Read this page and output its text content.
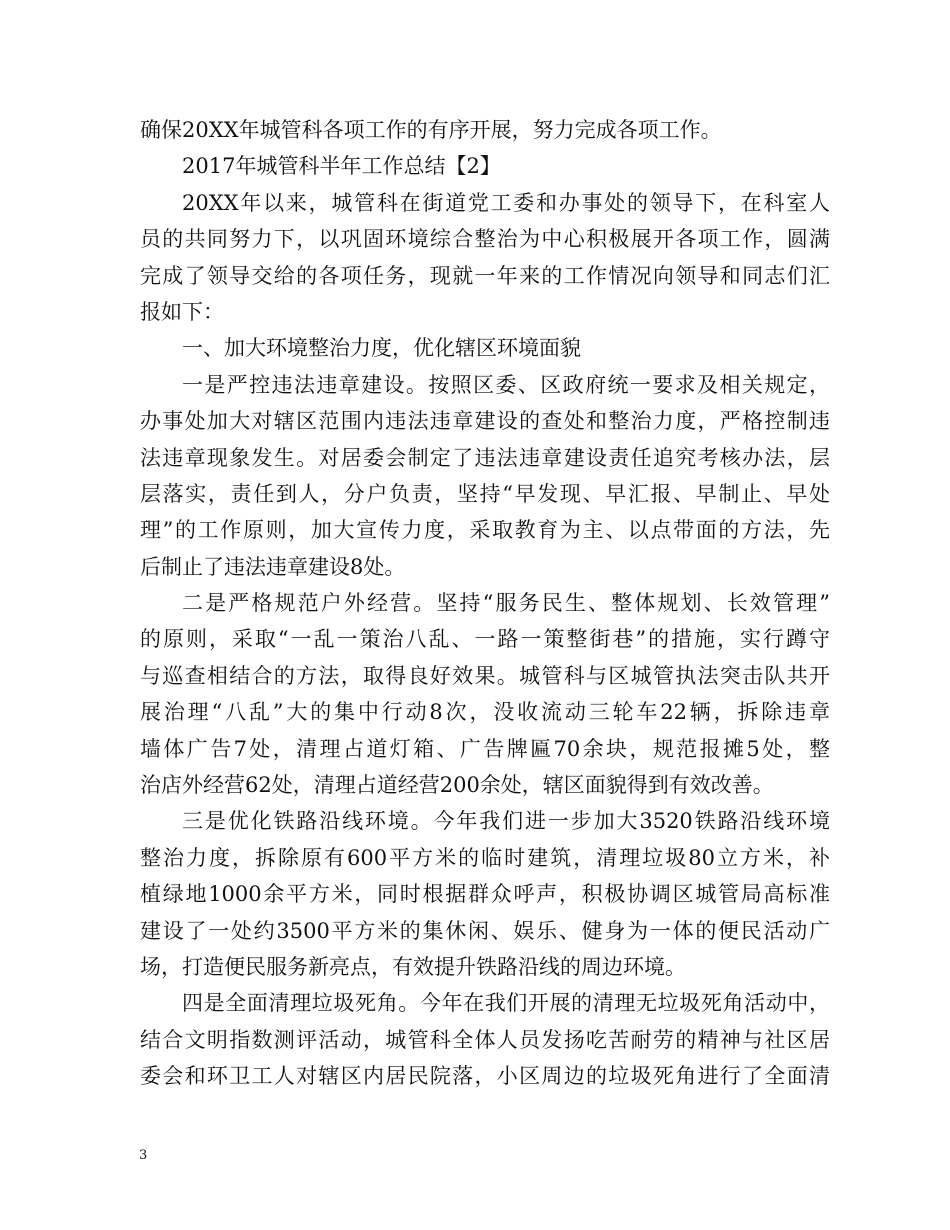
确保20XX年城管科各项工作的有序开展，努力完成各项工作。
2017年城管科半年工作总结【2】
20XX年以来，城管科在街道党工委和办事处的领导下，在科室人
员的共同努力下，以巩固环境综合整治为中心积极展开各项工作，圆满
完成了领导交给的各项任务，现就一年来的工作情况向领导和同志们汇
报如下：
一、加大环境整治力度，优化辖区环境面貌
一是严控违法违章建设。按照区委、区政府统一要求及相关规定，
办事处加大对辖区范围内违法违章建设的查处和整治力度，严格控制违
法违章现象发生。对居委会制定了违法违章建设责任追究考核办法，层
层落实，责任到人，分户负责，坚持“早发现、早汇报、早制止、早处
理”的工作原则，加大宣传力度，采取教育为主、以点带面的方法，先
后制止了违法违章建设8处。
二是严格规范户外经营。坚持“服务民生、整体规划、长效管理”
的原则，采取“一乱一策治八乱、一路一策整街巷”的措施，实行蹲守
与巡查相结合的方法，取得良好效果。城管科与区城管执法突击队共开
展治理“八乱”大的集中行动8次，没收流动三轮车22辆，拆除违章
墙体广告7处，清理占道灯箱、广告牌匾70余块，规范报摊5处，整
治店外经营62处，清理占道经营200余处，辖区面貌得到有效改善。
三是优化铁路沿线环境。今年我们进一步加大3520铁路沿线环境
整治力度，拆除原有600平方米的临时建筑，清理垃圾80立方米，补
植绿地1000余平方米，同时根据群众呼声，积极协调区城管局高标准
建设了一处约3500平方米的集休闲、娱乐、健身为一体的便民活动广
场，打造便民服务新亮点，有效提升铁路沿线的周边环境。
四是全面清理垃圾死角。今年在我们开展的清理无垃圾死角活动中，
结合文明指数测评活动，城管科全体人员发扬吃苦耐劳的精神与社区居
委会和环卫工人对辖区内居民院落，小区周边的垃圾死角进行了全面清
3
